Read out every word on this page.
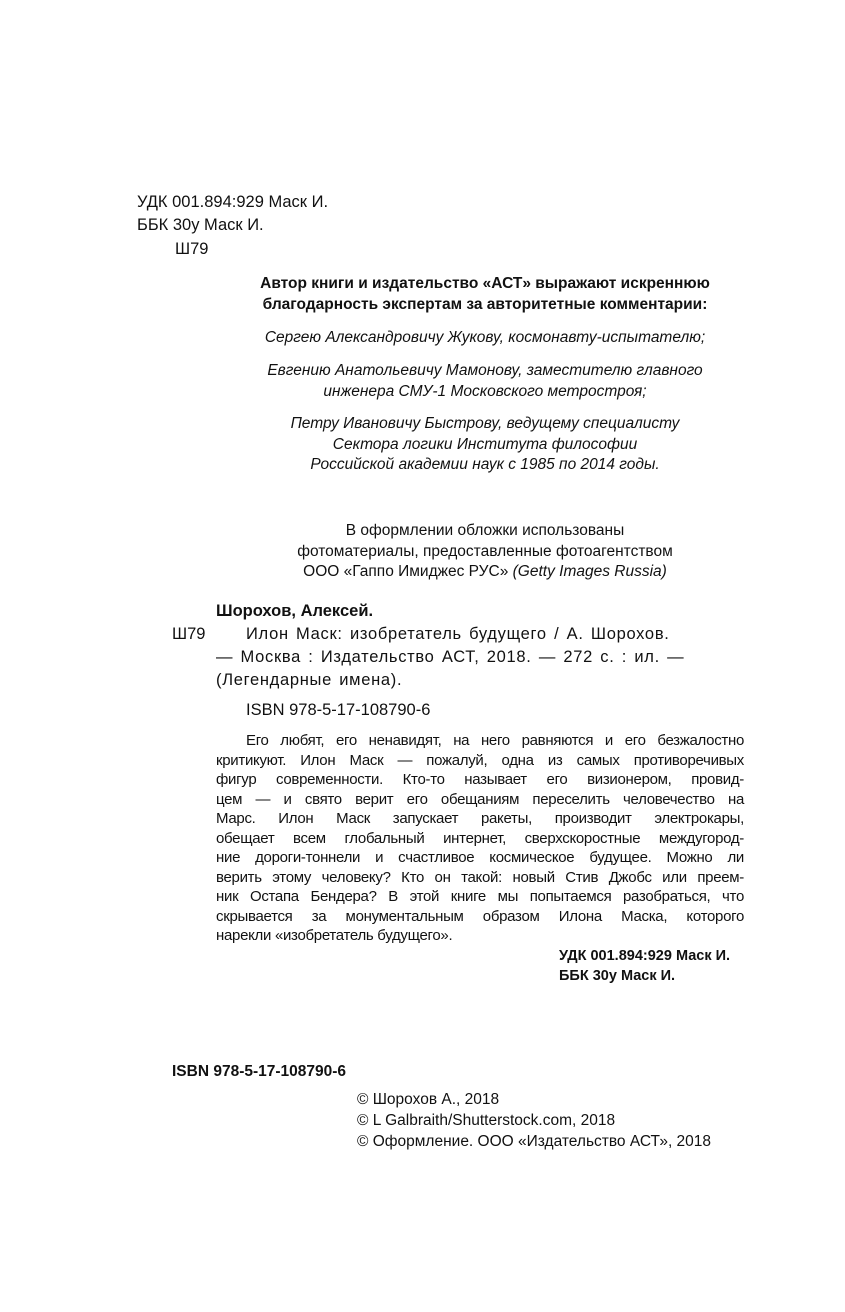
УДК 001.894:929 Маск И.
ББК 30у Маск И.
Ш79
Автор книги и издательство «АСТ» выражают искреннюю
благодарность экспертам за авторитетные комментарии:
Сергею Александровичу Жукову, космонавту-испытателю;
Евгению Анатольевичу Мамонову, заместителю главного
инженера СМУ-1 Московского метростроя;
Петру Ивановичу Быстрову, ведущему специалисту
Сектора логики Института философии
Российской академии наук с 1985 по 2014 годы.
В оформлении обложки использованы
фотоматериалы, предоставленные фотоагентством
ООО «Гаппо Имиджес РУС» (Getty Images Russia)
Шорохов, Алексей.
Ш79 Илон Маск: изобретатель будущего / А. Шорохов.
— Москва : Издательство АСТ, 2018. — 272 с. : ил. —
(Легендарные имена).
ISBN 978-5-17-108790-6
Его любят, его ненавидят, на него равняются и его безжалостно
критикуют. Илон Маск — пожалуй, одна из самых противоречивых
фигур современности. Кто-то называет его визионером, провид-
цем — и свято верит его обещаниям переселить человечество на
Марс. Илон Маск запускает ракеты, производит электрокары,
обещает всем глобальный интернет, сверхскоростные междугород-
ние дороги-тоннели и счастливое космическое будущее. Можно ли
верить этому человеку? Кто он такой: новый Стив Джобс или преем-
ник Остапа Бендера? В этой книге мы попытаемся разобраться, что
скрывается за монументальным образом Илона Маска, которого
нарекли «изобретатель будущего».
УДК 001.894:929 Маск И.
ББК 30у Маск И.
ISBN 978-5-17-108790-6
© Шорохов А., 2018
© L Galbraith/Shutterstock.com, 2018
© Оформление. ООО «Издательство АСТ», 2018
